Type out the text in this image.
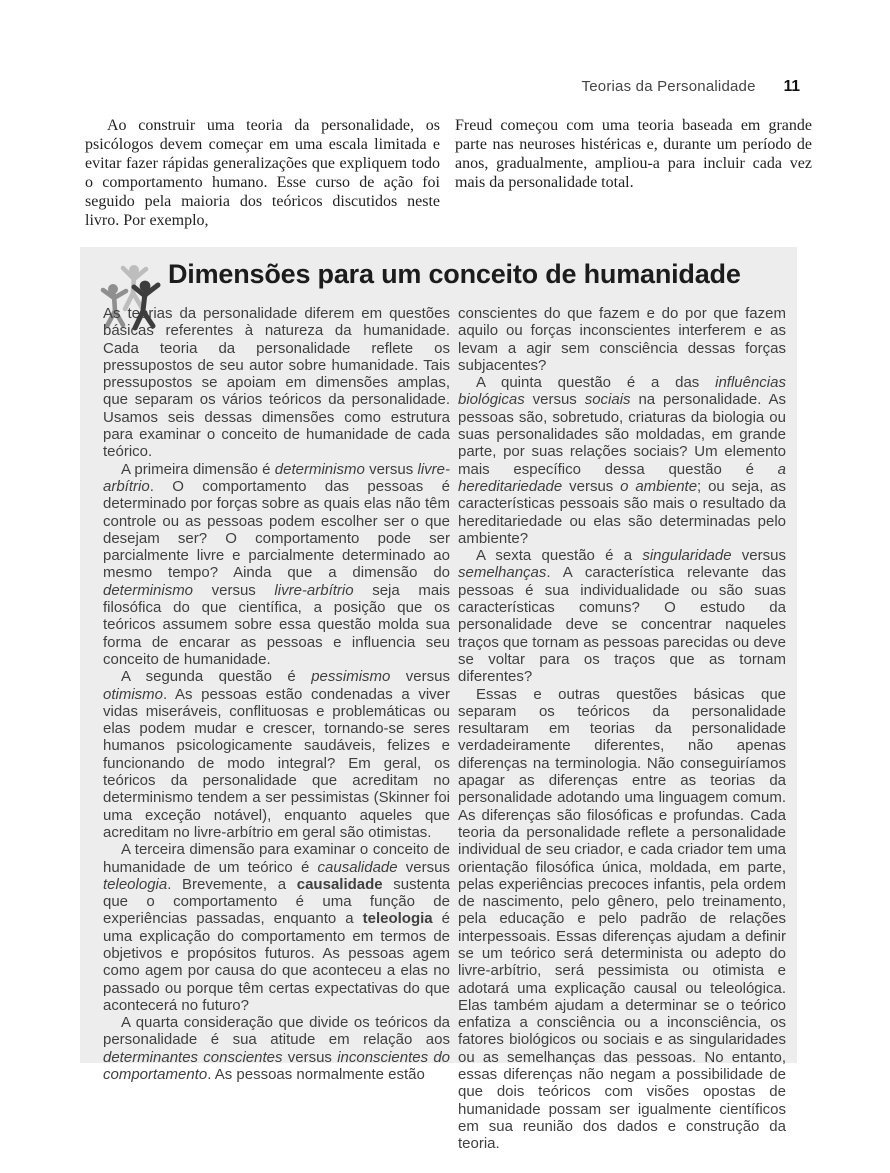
Teorias da Personalidade 11

Ao construir uma teoria da personalidade, os psicólogos devem começar em uma escala limitada e evitar fazer rápidas generalizações que expliquem todo o comportamento humano. Esse curso de ação foi seguido pela maioria dos teóricos discutidos neste livro. Por exemplo,

Freud começou com uma teoria baseada em grande parte nas neuroses histéricas e, durante um período de anos, gradualmente, ampliou-a para incluir cada vez mais da personalidade total.

Dimensões para um conceito de humanidade

As teorias da personalidade diferem em questões básicas referentes à natureza da humanidade. Cada teoria da personalidade reflete os pressupostos de seu autor sobre humanidade. Tais pressupostos se apoiam em dimensões amplas, que separam os vários teóricos da personalidade. Usamos seis dessas dimensões como estrutura para examinar o conceito de humanidade de cada teórico.

A primeira dimensão é determinismo versus livre-arbítrio. O comportamento das pessoas é determinado por forças sobre as quais elas não têm controle ou as pessoas podem escolher ser o que desejam ser? O comportamento pode ser parcialmente livre e parcialmente determinado ao mesmo tempo? Ainda que a dimensão do determinismo versus livre-arbítrio seja mais filosófica do que científica, a posição que os teóricos assumem sobre essa questão molda sua forma de encarar as pessoas e influencia seu conceito de humanidade.

A segunda questão é pessimismo versus otimismo. As pessoas estão condenadas a viver vidas miseráveis, conflituosas e problemáticas ou elas podem mudar e crescer, tornando-se seres humanos psicologicamente saudáveis, felizes e funcionando de modo integral? Em geral, os teóricos da personalidade que acreditam no determinismo tendem a ser pessimistas (Skinner foi uma exceção notável), enquanto aqueles que acreditam no livre-arbítrio em geral são otimistas.

A terceira dimensão para examinar o conceito de humanidade de um teórico é causalidade versus teleologia. Brevemente, a causalidade sustenta que o comportamento é uma função de experiências passadas, enquanto a teleologia é uma explicação do comportamento em termos de objetivos e propósitos futuros. As pessoas agem como agem por causa do que aconteceu a elas no passado ou porque têm certas expectativas do que acontecerá no futuro?

A quarta consideração que divide os teóricos da personalidade é sua atitude em relação aos determinantes conscientes versus inconscientes do comportamento. As pessoas normalmente estão

conscientes do que fazem e do por que fazem aquilo ou forças inconscientes interferem e as levam a agir sem consciência dessas forças subjacentes?

A quinta questão é a das influências biológicas versus sociais na personalidade. As pessoas são, sobretudo, criaturas da biologia ou suas personalidades são moldadas, em grande parte, por suas relações sociais? Um elemento mais específico dessa questão é a hereditariedade versus o ambiente; ou seja, as características pessoais são mais o resultado da hereditariedade ou elas são determinadas pelo ambiente?

A sexta questão é a singularidade versus semelhanças. A característica relevante das pessoas é sua individualidade ou são suas características comuns? O estudo da personalidade deve se concentrar naqueles traços que tornam as pessoas parecidas ou deve se voltar para os traços que as tornam diferentes?

Essas e outras questões básicas que separam os teóricos da personalidade resultaram em teorias da personalidade verdadeiramente diferentes, não apenas diferenças na terminologia. Não conseguiríamos apagar as diferenças entre as teorias da personalidade adotando uma linguagem comum. As diferenças são filosóficas e profundas. Cada teoria da personalidade reflete a personalidade individual de seu criador, e cada criador tem uma orientação filosófica única, moldada, em parte, pelas experiências precoces infantis, pela ordem de nascimento, pelo gênero, pelo treinamento, pela educação e pelo padrão de relações interpessoais. Essas diferenças ajudam a definir se um teórico será determinista ou adepto do livre-arbítrio, será pessimista ou otimista e adotará uma explicação causal ou teleológica. Elas também ajudam a determinar se o teórico enfatiza a consciência ou a inconsciência, os fatores biológicos ou sociais e as singularidades ou as semelhanças das pessoas. No entanto, essas diferenças não negam a possibilidade de que dois teóricos com visões opostas de humanidade possam ser igualmente científicos em sua reunião dos dados e construção da teoria.
